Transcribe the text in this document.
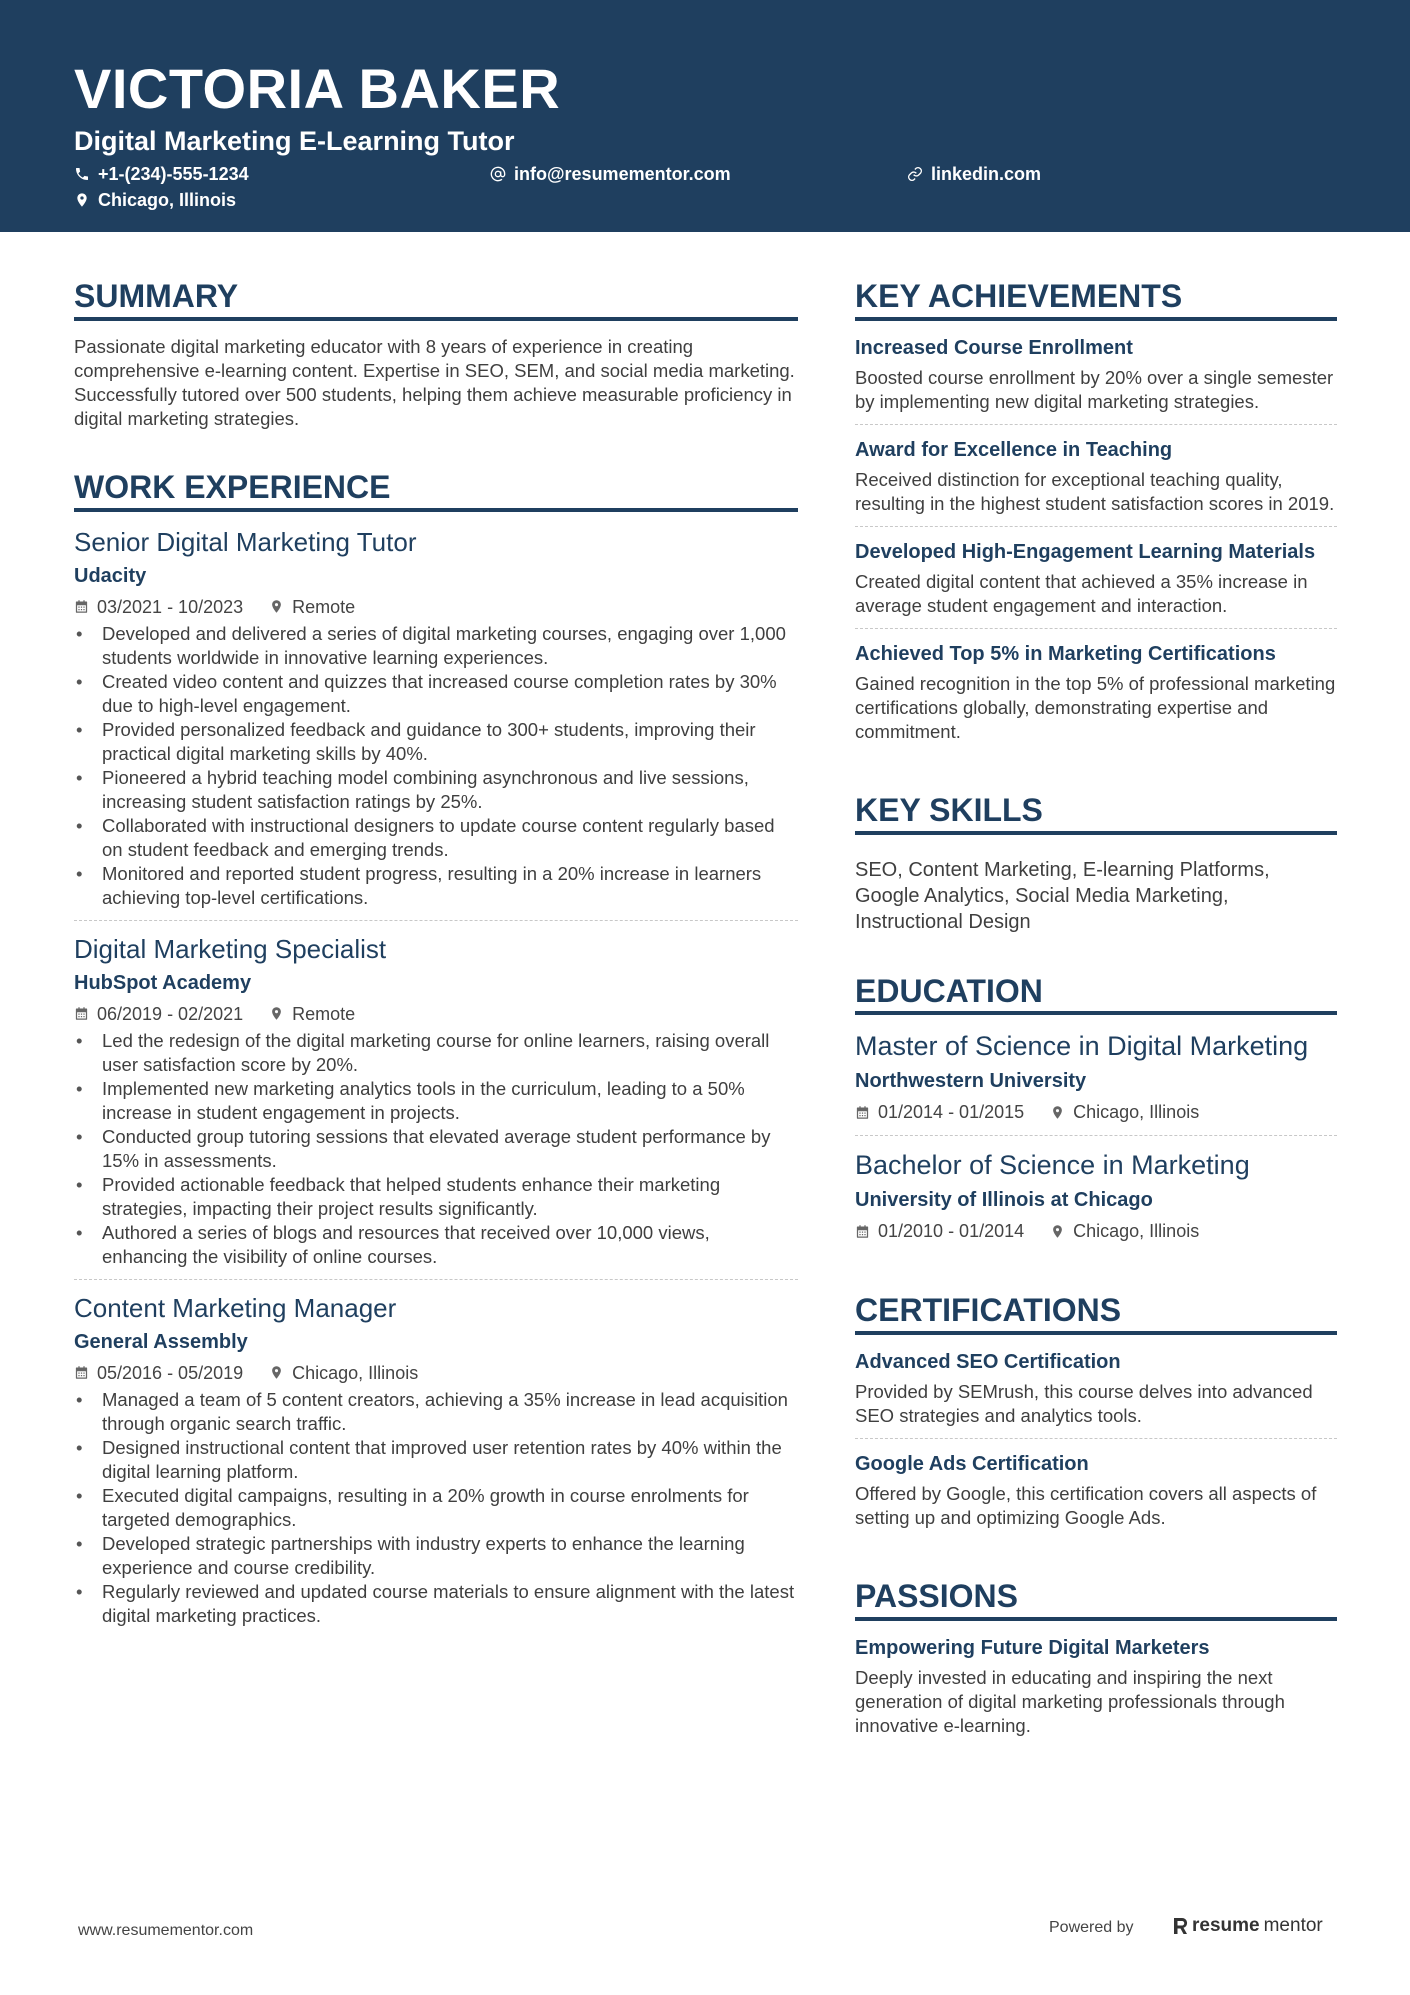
VICTORIA BAKER
Digital Marketing E-Learning Tutor
+1-(234)-555-1234	info@resumementor.com	linkedin.com
Chicago, Illinois
SUMMARY

Passionate digital marketing educator with 8 years of experience in creating comprehensive e-learning content. Expertise in SEO, SEM, and social media marketing. Successfully tutored over 500 students, helping them achieve measurable proficiency in digital marketing strategies.

WORK EXPERIENCE
Senior Digital Marketing Tutor
Udacity
03/2021 - 10/2023	Remote
• Developed and delivered a series of digital marketing courses, engaging over 1,000 students worldwide in innovative learning experiences.
• Created video content and quizzes that increased course completion rates by 30% due to high-level engagement.
• Provided personalized feedback and guidance to 300+ students, improving their practical digital marketing skills by 40%.
• Pioneered a hybrid teaching model combining asynchronous and live sessions, increasing student satisfaction ratings by 25%.
• Collaborated with instructional designers to update course content regularly based on student feedback and emerging trends.
• Monitored and reported student progress, resulting in a 20% increase in learners achieving top-level certifications.
Digital Marketing Specialist
HubSpot Academy
06/2019 - 02/2021	Remote
• Led the redesign of the digital marketing course for online learners, raising overall user satisfaction score by 20%.
• Implemented new marketing analytics tools in the curriculum, leading to a 50% increase in student engagement in projects.
• Conducted group tutoring sessions that elevated average student performance by 15% in assessments.
• Provided actionable feedback that helped students enhance their marketing strategies, impacting their project results significantly.
• Authored a series of blogs and resources that received over 10,000 views, enhancing the visibility of online courses.
Content Marketing Manager
General Assembly
05/2016 - 05/2019	Chicago, Illinois
• Managed a team of 5 content creators, achieving a 35% increase in lead acquisition through organic search traffic.
• Designed instructional content that improved user retention rates by 40% within the digital learning platform.
• Executed digital campaigns, resulting in a 20% growth in course enrolments for targeted demographics.
• Developed strategic partnerships with industry experts to enhance the learning experience and course credibility.
• Regularly reviewed and updated course materials to ensure alignment with the latest digital marketing practices.
KEY ACHIEVEMENTS
Increased Course Enrollment

Boosted course enrollment by 20% over a single semester by implementing new digital marketing strategies.

Award for Excellence in Teaching

Received distinction for exceptional teaching quality, resulting in the highest student satisfaction scores in 2019.

Developed High-Engagement Learning Materials

Created digital content that achieved a 35% increase in average student engagement and interaction.

Achieved Top 5% in Marketing Certifications

Gained recognition in the top 5% of professional marketing certifications globally, demonstrating expertise and commitment.

KEY SKILLS
SEO, Content Marketing, E-learning Platforms, Google Analytics, Social Media Marketing, Instructional Design
EDUCATION
Master of Science in Digital Marketing
Northwestern University
01/2014 - 01/2015	Chicago, Illinois
Bachelor of Science in Marketing
University of Illinois at Chicago
01/2010 - 01/2014	Chicago, Illinois
CERTIFICATIONS
Advanced SEO Certification

Provided by SEMrush, this course delves into advanced SEO strategies and analytics tools.

Google Ads Certification

Offered by Google, this certification covers all aspects of setting up and optimizing Google Ads.

PASSIONS
Empowering Future Digital Marketers

Deeply invested in educating and inspiring the next generation of digital marketing professionals through innovative e-learning.

www.resumementor.com	Powered by	resume mentor
